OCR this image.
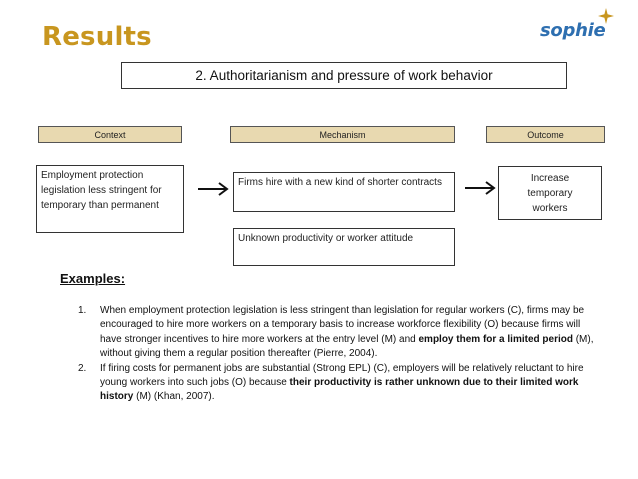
Results	sophie
2. Authoritarianism and pressure of work behavior
Context	Mechanism	Outcome
Employment protection legislation less stringent for temporary than permanent
Firms hire with a new kind of shorter contracts
Unknown productivity or worker attitude
Increase temporary workers
Examples:
1.	When employment protection legislation is less stringent than legislation for regular workers (C), firms may be encouraged to hire more workers on a temporary basis to increase workforce flexibility (O) because firms will have stronger incentives to hire more workers at the entry level (M) and employ them for a limited period (M), without giving them a regular position thereafter (Pierre, 2004).
2.	If firing costs for permanent jobs are substantial (Strong EPL) (C), employers will be relatively reluctant to hire young workers into such jobs (O) because their productivity is rather unknown due to their limited work history (M) (Khan, 2007).
